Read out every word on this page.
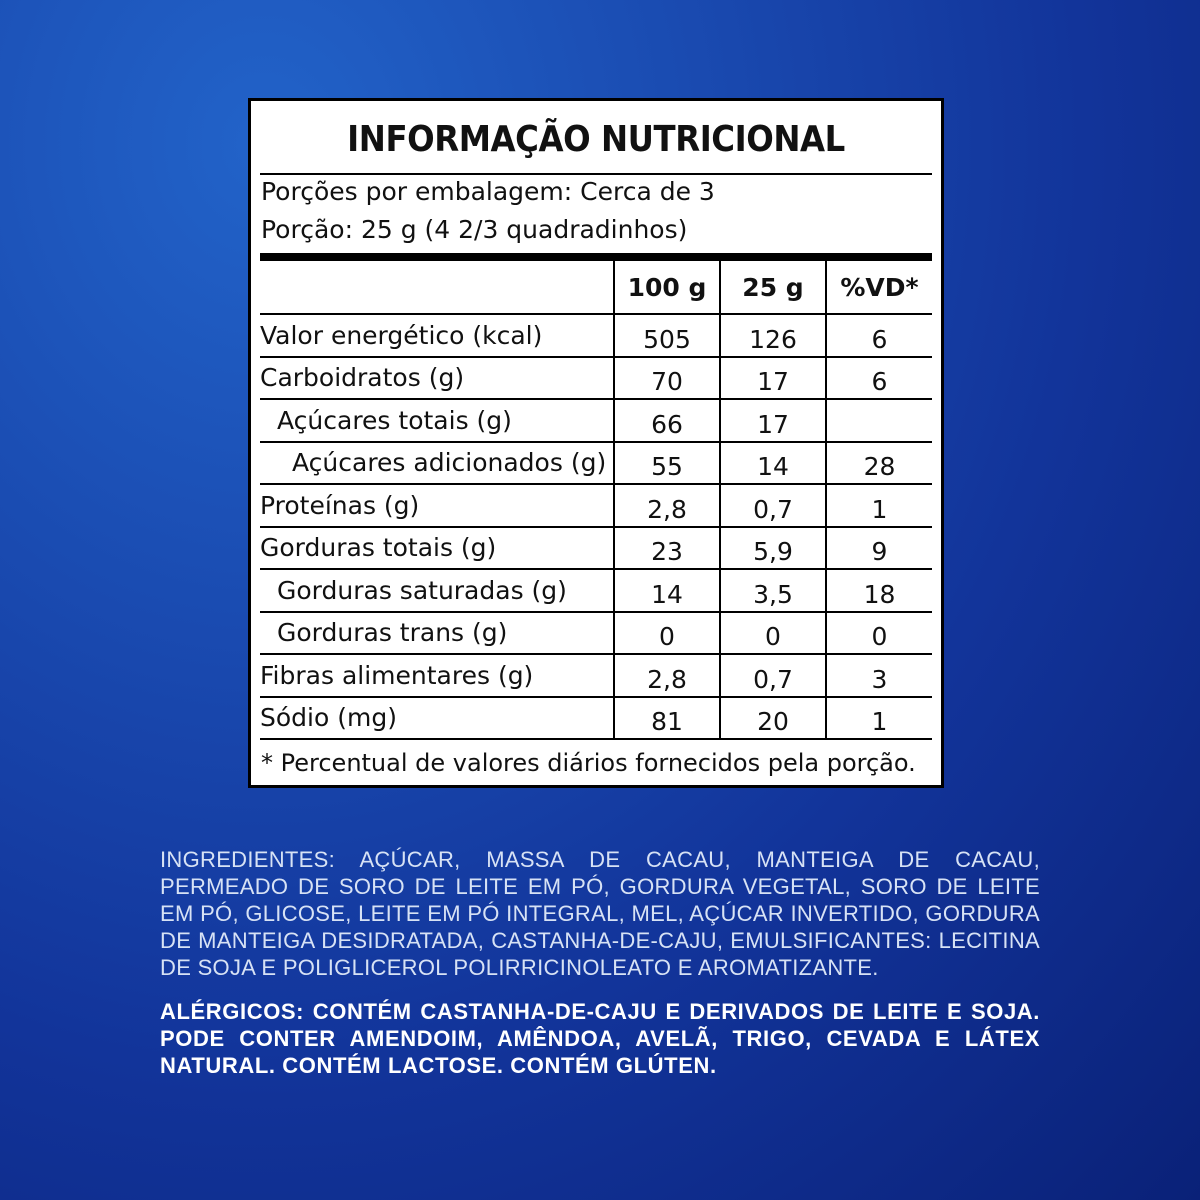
INFORMAÇÃO NUTRICIONAL
Porções por embalagem: Cerca de 3
Porção: 25 g (4 2/3 quadradinhos)
	100 g	25 g	%VD*
Valor energético (kcal)	505	126	6
Carboidratos (g)	70	17	6
Açúcares totais (g)	66	17	
Açúcares adicionados (g)	55	14	28
Proteínas (g)	2,8	0,7	1
Gorduras totais (g)	23	5,9	9
Gorduras saturadas (g)	14	3,5	18
Gorduras trans (g)	0	0	0
Fibras alimentares (g)	2,8	0,7	3
Sódio (mg)	81	20	1
* Percentual de valores diários fornecidos pela porção.
INGREDIENTES: AÇÚCAR, MASSA DE CACAU, MANTEIGA DE CACAU, PERMEADO DE SORO DE LEITE EM PÓ, GORDURA VEGETAL, SORO DE LEITE EM PÓ, GLICOSE, LEITE EM PÓ INTEGRAL, MEL, AÇÚCAR INVERTIDO, GORDURA DE MANTEIGA DESIDRATADA, CASTANHA-DE-CAJU, EMULSIFICANTES: LECITINA DE SOJA E POLIGLICEROL POLIRRICINOLEATO E AROMATIZANTE.
ALÉRGICOS: CONTÉM CASTANHA-DE-CAJU E DERIVADOS DE LEITE E SOJA. PODE CONTER AMENDOIM, AMÊNDOA, AVELÃ, TRIGO, CEVADA E LÁTEX NATURAL. CONTÉM LACTOSE. CONTÉM GLÚTEN.
